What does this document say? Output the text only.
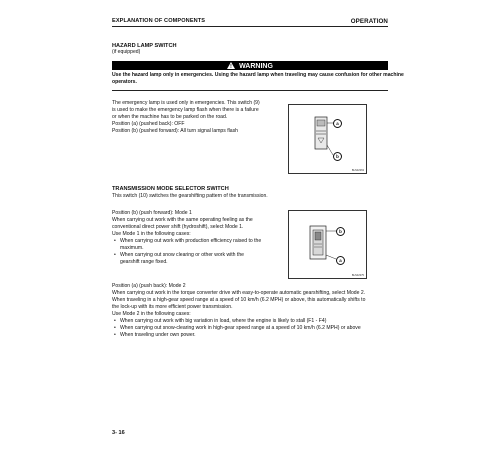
EXPLANATION OF COMPONENTS	OPERATION
HAZARD LAMP SWITCH
(if equipped)
!WARNING
Use the hazard lamp only in emergencies. Using the hazard lamp when traveling may cause confusion for other machine
operators.
The emergency lamp is used only in emergencies. This switch (9)
is used to make the emergency lamp flash when there is a failure
or when the machine has to be parked on the road.
Position (a) (pushed back): OFF
Position (b) (pushed forward): All turn signal lamps flash
a
b
BLS02363
TRANSMISSION MODE SELECTOR SWITCH
This switch (10) switches the gearshifting pattern of the transmission.
Position (b) (push forward): Mode 1
When carrying out work with the same operating feeling as the
conventional direct power shift (hydroshift), select Mode 1.
Use Mode 1 in the following cases:
• When carrying out work with production efficiency raised to the
maximum.
• When carrying out snow clearing or other work with the
gearshift range fixed.
b
a
BLS02375
Position (a) (push back): Mode 2
When carrying out work in the torque converter drive with easy-to-operate automatic gearshifting, select Mode 2.
When traveling in a high-gear speed range at a speed of 10 km/h (6.2 MPH) or above, this automatically shifts to
the lock-up with its more efficient power transmission.
Use Mode 2 in the following cases:
• When carrying out work with big variation in load, where the engine is likely to stall (F1 - F4)
• When carrying out snow-clearing work in high-gear speed range at a speed of 10 km/h (6.2 MPH) or above
• When traveling under own power.
3- 16
